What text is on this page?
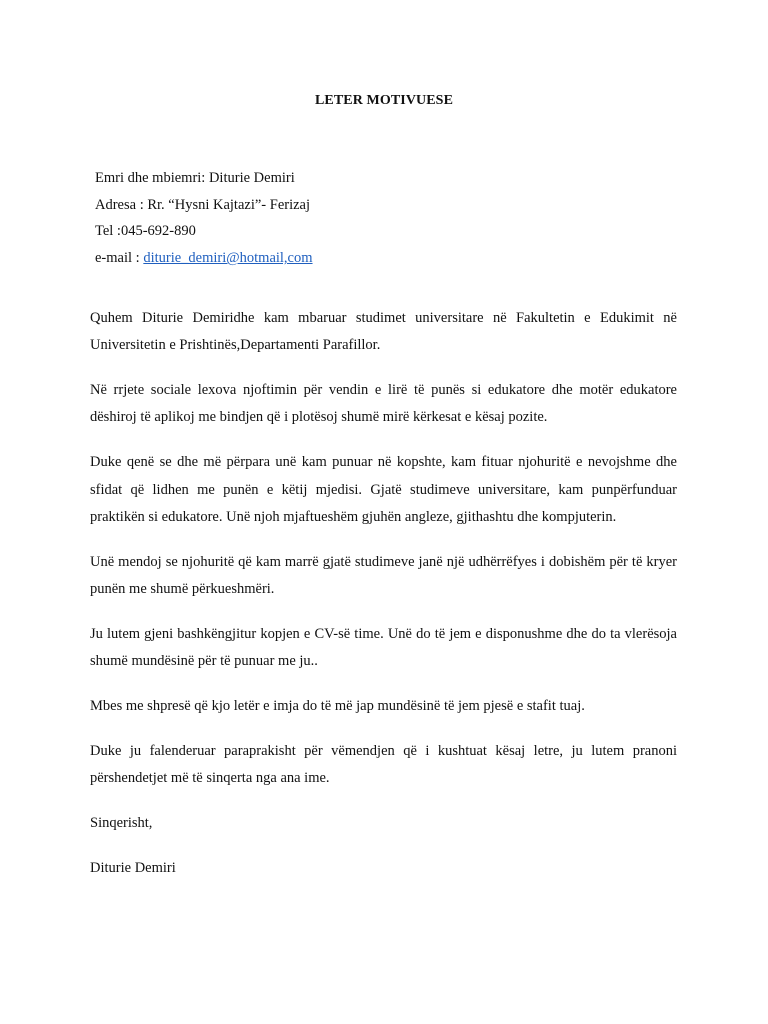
LETER MOTIVUESE
Emri dhe mbiemri: Diturie Demiri
Adresa : Rr. “Hysni Kajtazi”- Ferizaj
Tel :045-692-890
e-mail : diturie_demiri@hotmail,com

Quhem Diturie Demiridhe kam mbaruar studimet universitare në Fakultetin e Edukimit në Universitetin e Prishtinës,Departamenti Parafillor.

Në rrjete sociale lexova njoftimin për vendin e lirë të punës si edukatore dhe motër edukatore dëshiroj të aplikoj me bindjen që i plotësoj shumë mirë kërkesat e kësaj pozite.

Duke qenë se dhe më përpara unë kam punuar në kopshte, kam fituar njohuritë e nevojshme dhe sfidat që lidhen me punën e këtij mjedisi. Gjatë studimeve universitare, kam punpërfunduar praktikën si edukatore. Unë njoh mjaftueshëm gjuhën angleze, gjithashtu dhe kompjuterin.

Unë mendoj se njohuritë që kam marrë gjatë studimeve janë një udhërrëfyes i dobishëm për të kryer punën me shumë përkueshmëri.

Ju lutem gjeni bashkëngjitur kopjen e CV-së time. Unë do të jem e disponushme dhe do ta vlerësoja shumë mundësinë për të punuar me ju..

Mbes me shpresë që kjo letër e imja do të më jap mundësinë të jem pjesë e stafit tuaj.

Duke ju falenderuar paraprakisht për vëmendjen që i kushtuat kësaj letre, ju lutem pranoni përshendetjet më të sinqerta nga ana ime.

Sinqerisht,

Diturie Demiri
